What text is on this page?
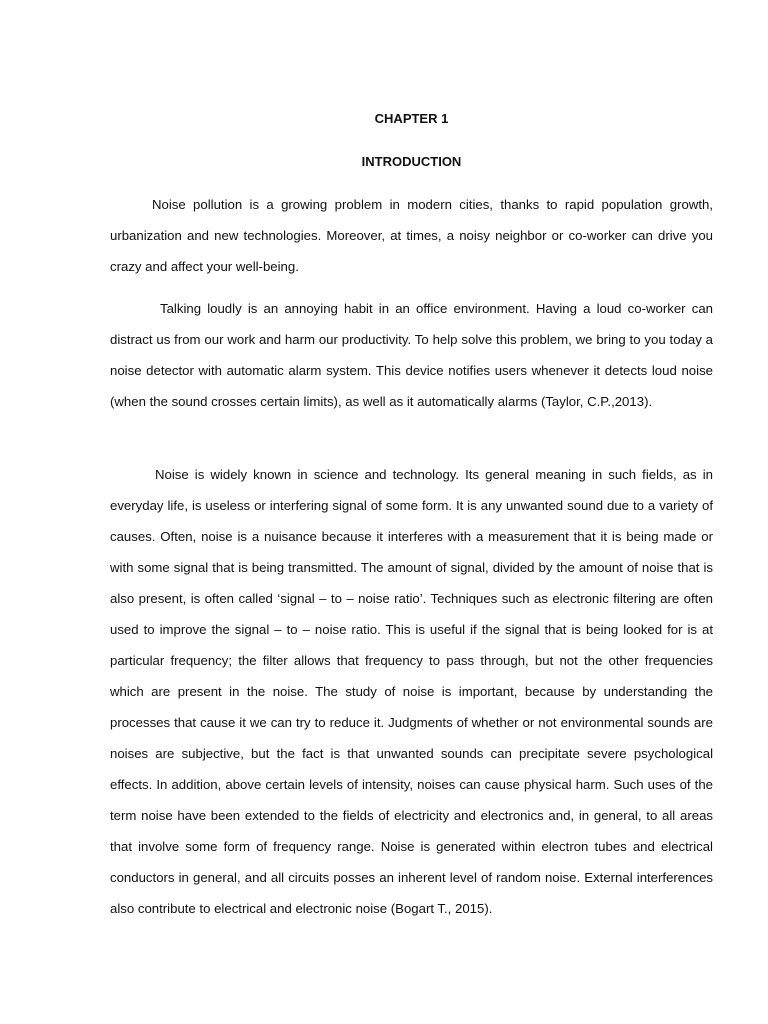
CHAPTER 1
INTRODUCTION

Noise pollution is a growing problem in modern cities, thanks to rapid population growth, urbanization and new technologies. Moreover, at times, a noisy neighbor or co-worker can drive you crazy and affect your well-being.

Talking loudly is an annoying habit in an office environment. Having a loud co-worker can distract us from our work and harm our productivity. To help solve this problem, we bring to you today a noise detector with automatic alarm system. This device notifies users whenever it detects loud noise (when the sound crosses certain limits), as well as it automatically alarms (Taylor, C.P.,2013).

Noise is widely known in science and technology. Its general meaning in such fields, as in everyday life, is useless or interfering signal of some form. It is any unwanted sound due to a variety of causes. Often, noise is a nuisance because it interferes with a measurement that it is being made or with some signal that is being transmitted. The amount of signal, divided by the amount of noise that is also present, is often called ‘signal – to – noise ratio’. Techniques such as electronic filtering are often used to improve the signal – to – noise ratio. This is useful if the signal that is being looked for is at particular frequency; the filter allows that frequency to pass through, but not the other frequencies which are present in the noise. The study of noise is important, because by understanding the processes that cause it we can try to reduce it. Judgments of whether or not environmental sounds are noises are subjective, but the fact is that unwanted sounds can precipitate severe psychological effects. In addition, above certain levels of intensity, noises can cause physical harm. Such uses of the term noise have been extended to the fields of electricity and electronics and, in general, to all areas that involve some form of frequency range. Noise is generated within electron tubes and electrical conductors in general, and all circuits posses an inherent level of random noise. External interferences also contribute to electrical and electronic noise (Bogart T., 2015).
